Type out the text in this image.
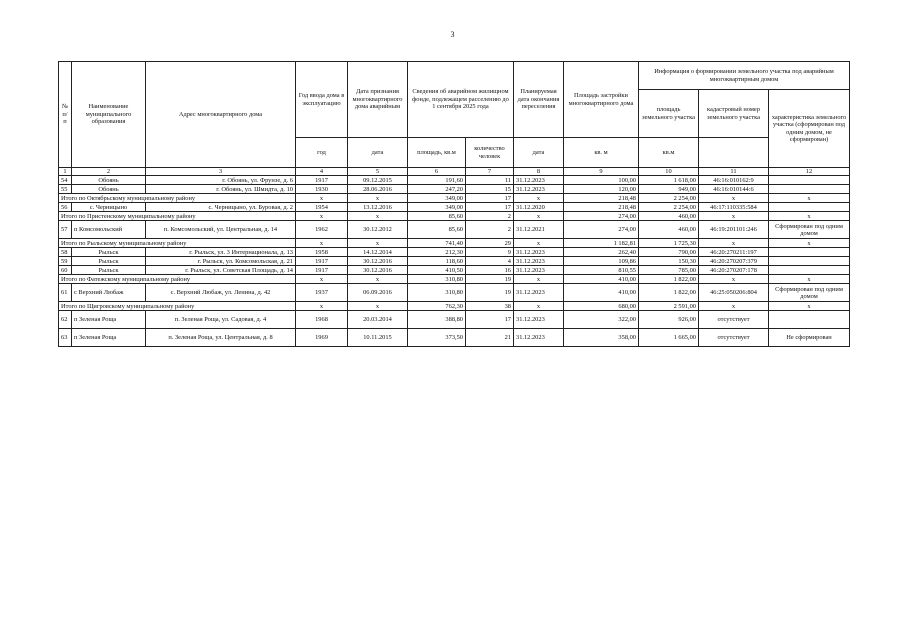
3
№ п/п	Наименование муниципального образования	Адрес многоквартирного дома	Год ввода дома в эксплуатацию	Дата признания многоквартирного дома аварийным	Сведения об аварийном жилищном фонде, подлежащем расселению до 1 сентября 2025 года		Планируемая дата окончания переселения	Площадь застройки многоквартирного дома	Информация о формировании земельного участка под аварийным многоквартирным домом		
									площадь земельного участка	кадастровый номер земельного участка	характеристика земельного участка (сформирован под одним домом, не сформирован)
			год	дата	площадь, кв.м	количество человек	дата	кв. м	кв.м		
1	2	3	4	5	6	7	8	9	10	11	12
54	Обоянь	г. Обоянь, ул. Фрунзе, д. 6	1917	09.12.2015	191,60	11	31.12.2023	100,00	1 618,00	46:16:010162:9	
55	Обоянь	г. Обоянь, ул. Шмидта, д. 10	1930	28.06.2016	247,20	15	31.12.2023	120,00	949,00	46:16:010144:6	
Итого по Октябрьскому муниципальному району			x	x	349,00	17	x	218,48	2 254,00	x	x
56	с. Черницыно	с. Черницыно, ул. Буровая, д. 2	1954	13.12.2016	349,00	17	31.12.2020	218,48	2 254,00	46:17:110335:584	
Итого по Пристенскому муниципальному району			x	x	85,60	2	x	274,00	460,00	x	x
57	п Комсомольский	п. Комсомольский, ул. Центральная, д. 14	1962	30.12.2012	85,60	2	31.12.2021	274,00	460,00	46:19:201101:246	Сформирован под одним домом
Итого по Рыльскому муниципальному району			x	x	741,40	29	x	1 182,81	1 725,30	x	x
58	Рыльск	г. Рыльск, ул. 3 Интернационала, д. 13	1958	14.12.2014	212,30	9	31.12.2023	262,40	790,00	46:20:270211:197	
59	Рыльск	г. Рыльск, ул. Комсомольская, д. 21	1917	30.12.2016	118,60	4	31.12.2023	109,86	150,30	46:20:270207:379	
60	Рыльск	г. Рыльск, ул. Советская Площадь, д. 14	1917	30.12.2016	410,50	16	31.12.2023	810,55	785,00	46:20:270207:178	
Итого по Фатежскому муниципальному району			x	x	310,80	19	x	410,00	1 822,00	x	x
61	с Верхний Любаж	с. Верхний Любаж, ул. Ленина, д. 42	1937	06.09.2016	310,80	19	31.12.2023	410,00	1 822,00	46:25:050206:804	Сформирован под одним домом
Итого по Щигровскому муниципальному району			x	x	762,30	38	x	680,00	2 591,00	x	x
62	п Зеленая Роща	п. Зеленая Роща, ул. Садовая, д. 4	1968	20.03.2014	388,80	17	31.12.2023	322,00	926,00	отсутствует	
63	п Зеленая Роща	п. Зеленая Роща, ул. Центральная, д. 8	1969	10.11.2015	373,50	21	31.12.2023	358,00	1 665,00	отсутствует	Не сформирован
